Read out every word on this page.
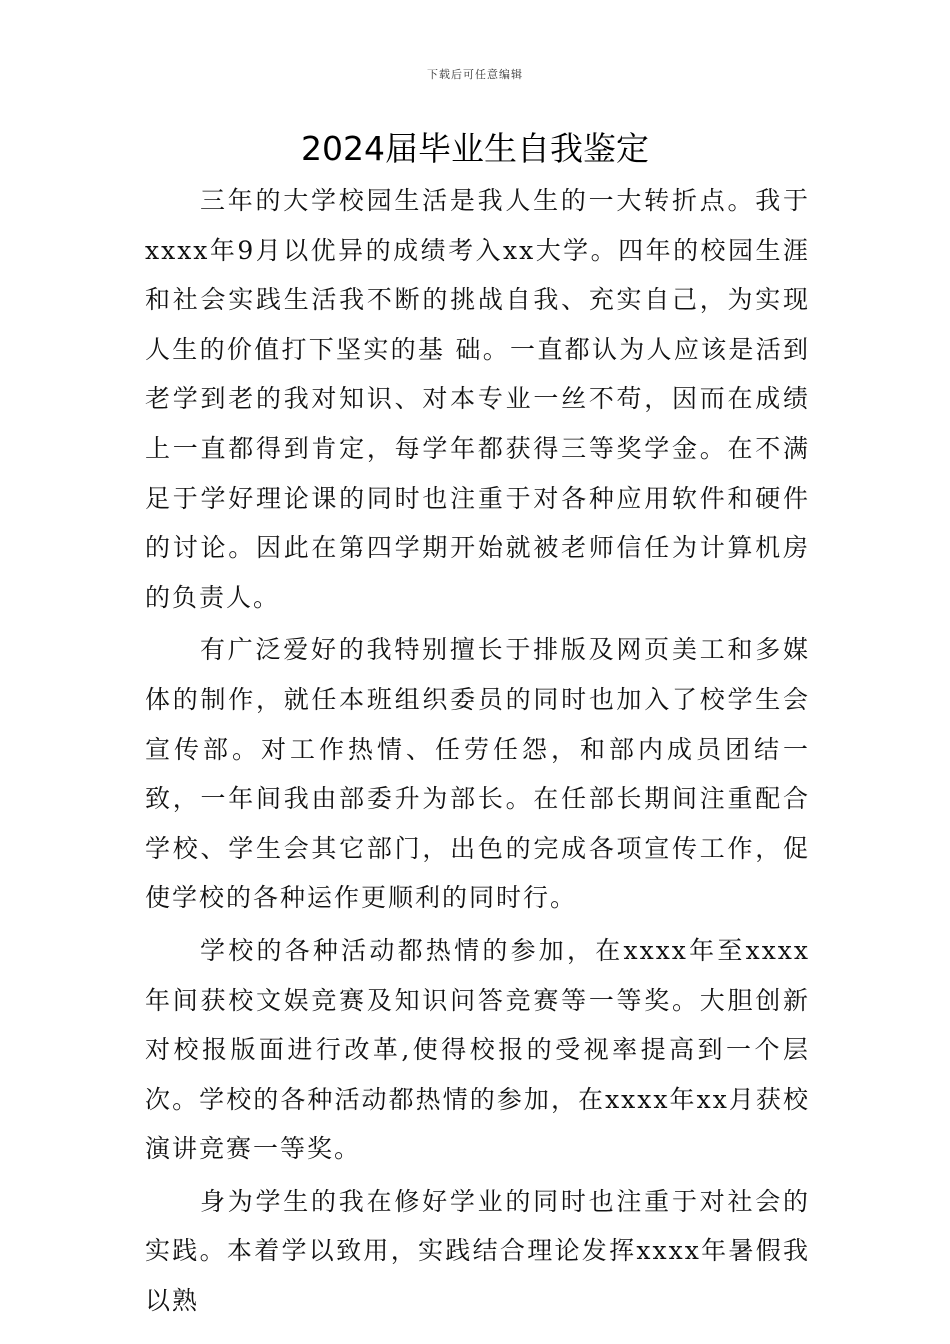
下载后可任意编辑
2024届毕业生自我鉴定

三年的大学校园生活是我人生的一大转折点。我于xxxx年9月以优异的成绩考入xx大学。四年的校园生涯和社会实践生活我不断的挑战自我、充实自己，为实现人生的价值打下坚实的基 础。一直都认为人应该是活到老学到老的我对知识、对本专业一丝不苟，因而在成绩上一直都得到肯定，每学年都获得三等奖学金。在不满足于学好理论课的同时也注重于对各种应用软件和硬件的讨论。因此在第四学期开始就被老师信任为计算机房的负责人。

有广泛爱好的我特别擅长于排版及网页美工和多媒体的制作，就任本班组织委员的同时也加入了校学生会宣传部。对工作热情、任劳任怨，和部内成员团结一致，一年间我由部委升为部长。在任部长期间注重配合学校、学生会其它部门，出色的完成各项宣传工作，促使学校的各种运作更顺利的同时行。

学校的各种活动都热情的参加，在xxxx年至xxxx年间获校文娱竞赛及知识问答竞赛等一等奖。大胆创新对校报版面进行改革,使得校报的受视率提高到一个层次。学校的各种活动都热情的参加，在xxxx年xx月获校演讲竞赛一等奖。

身为学生的我在修好学业的同时也注重于对社会的实践。本着学以致用，实践结合理论发挥xxxx年暑假我以熟
